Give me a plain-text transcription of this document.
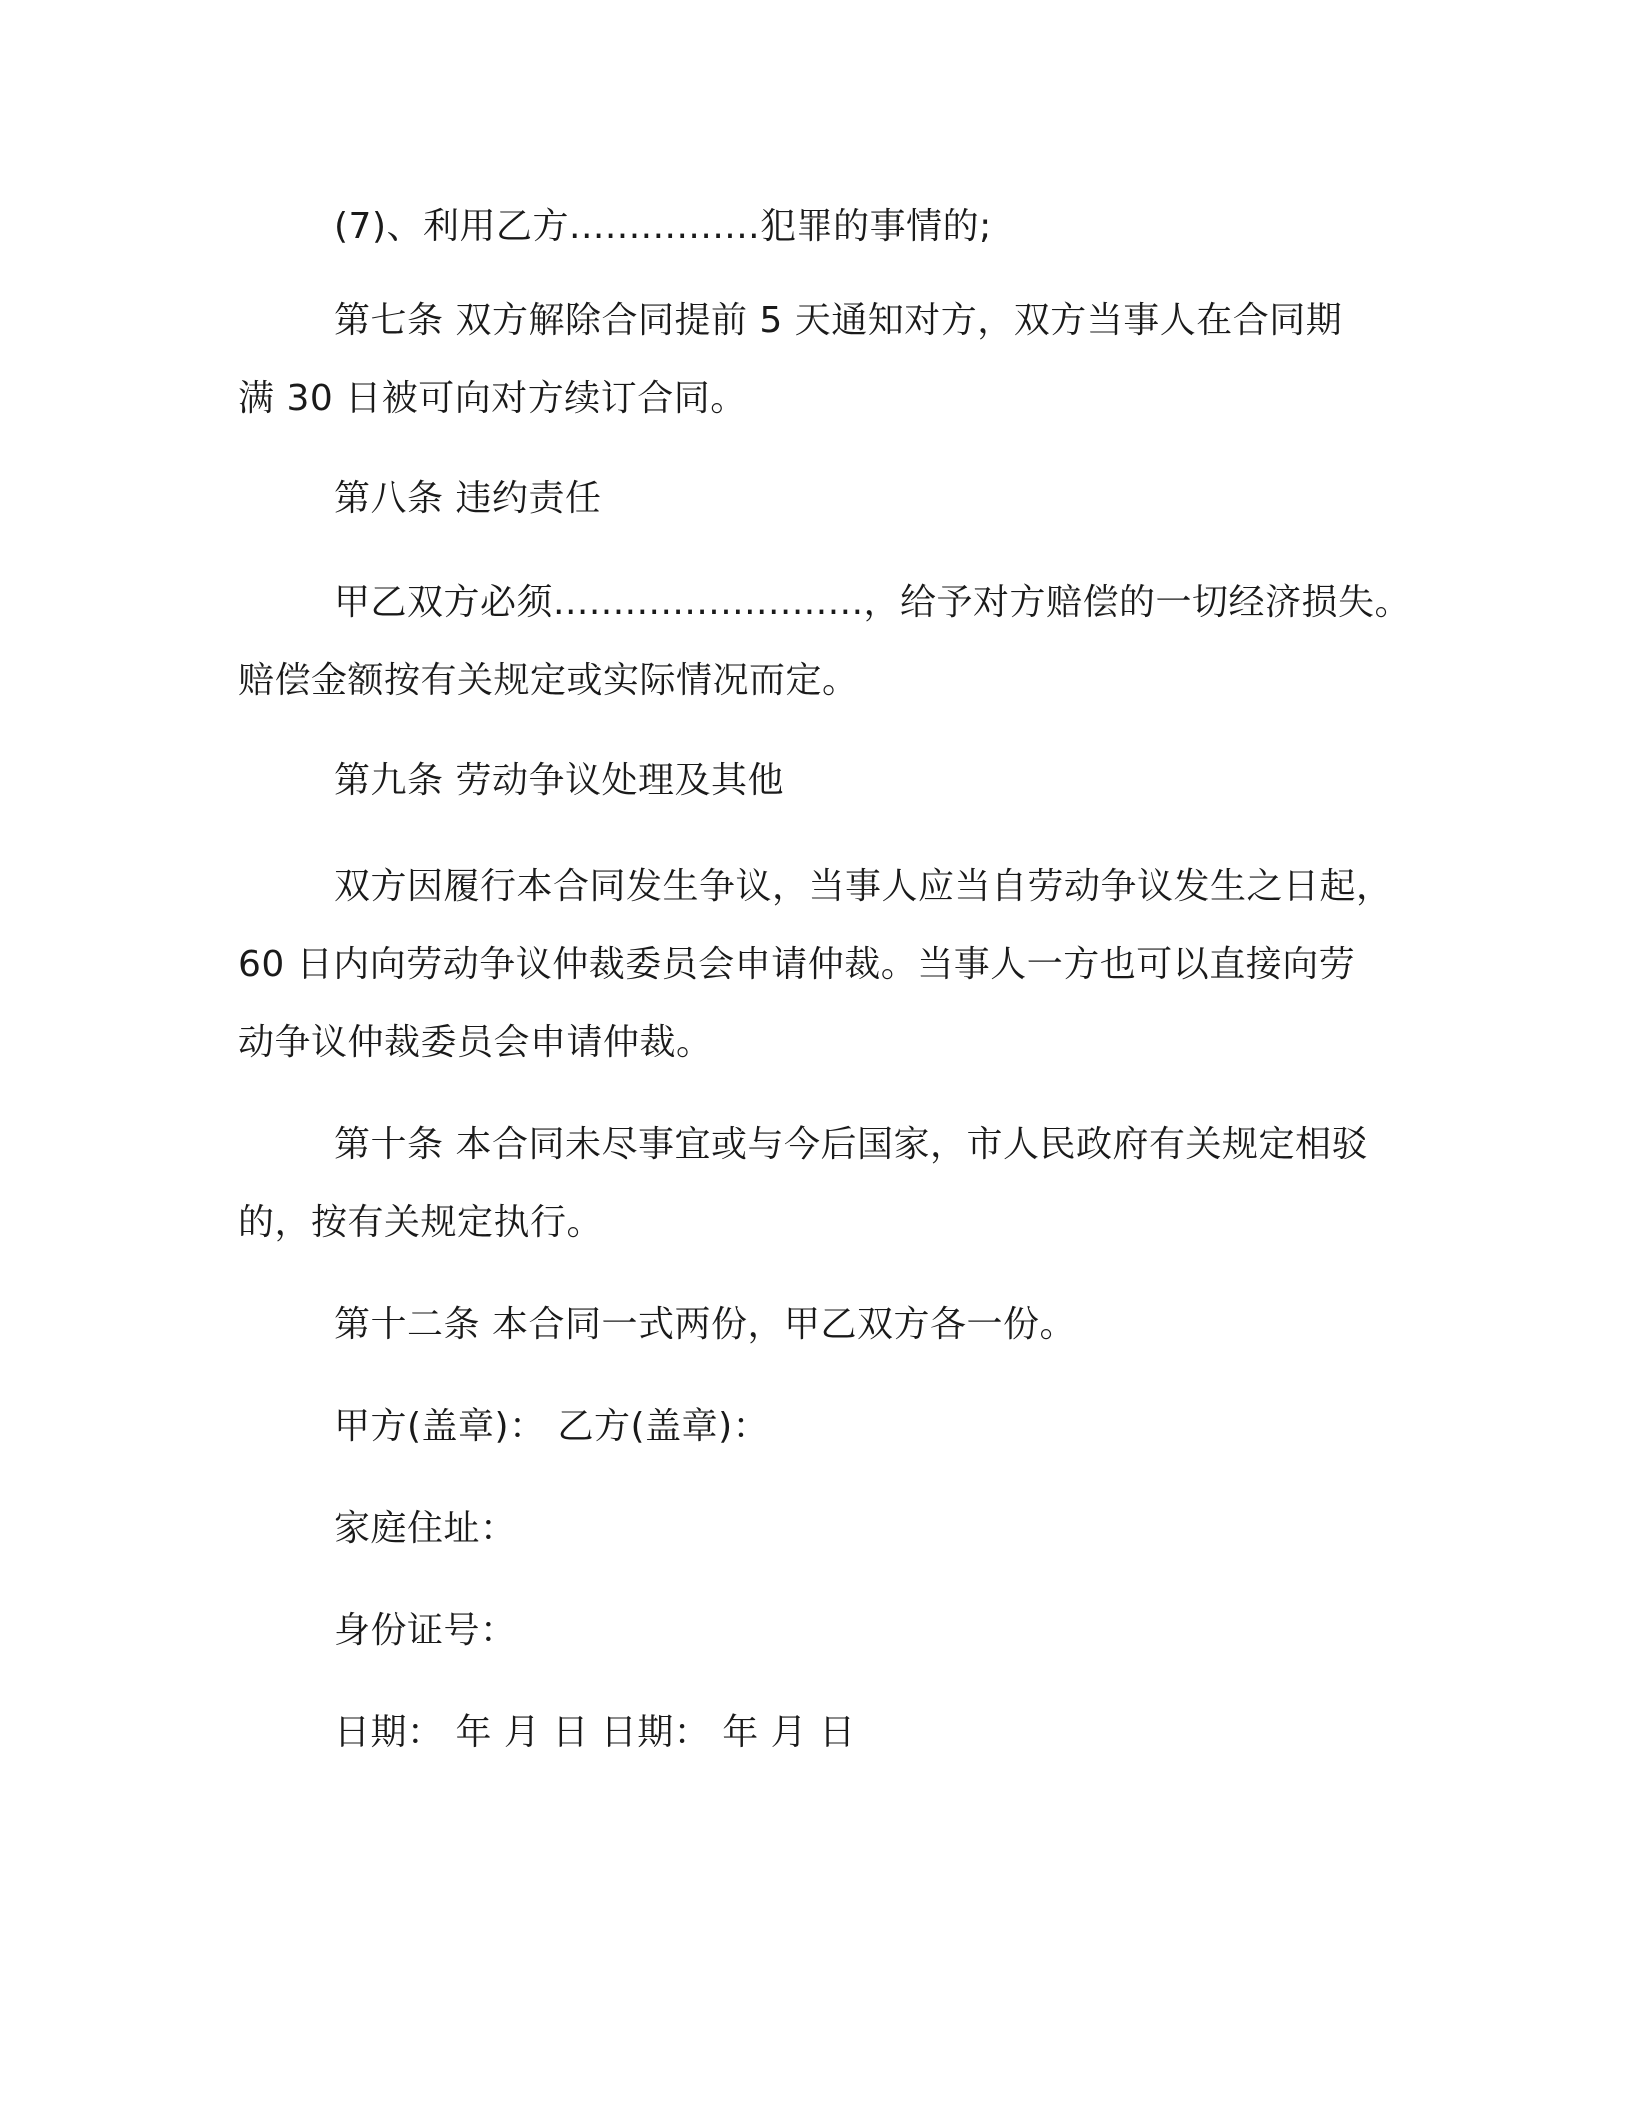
(7)、利用乙方................犯罪的事情的;

第七条 双方解除合同提前 5 天通知对方，双方当事人在合同期

满 30 日被可向对方续订合同。

第八条 违约责任

甲乙双方必须..........................，给予对方赔偿的一切经济损失。

赔偿金额按有关规定或实际情况而定。

第九条 劳动争议处理及其他

双方因履行本合同发生争议，当事人应当自劳动争议发生之日起，

60 日内向劳动争议仲裁委员会申请仲裁。当事人一方也可以直接向劳

动争议仲裁委员会申请仲裁。

第十条 本合同未尽事宜或与今后国家，市人民政府有关规定相驳

的，按有关规定执行。

第十二条 本合同一式两份，甲乙双方各一份。

甲方(盖章)： 乙方(盖章)：

家庭住址：

身份证号：

日期： 年 月 日 日期： 年 月 日
